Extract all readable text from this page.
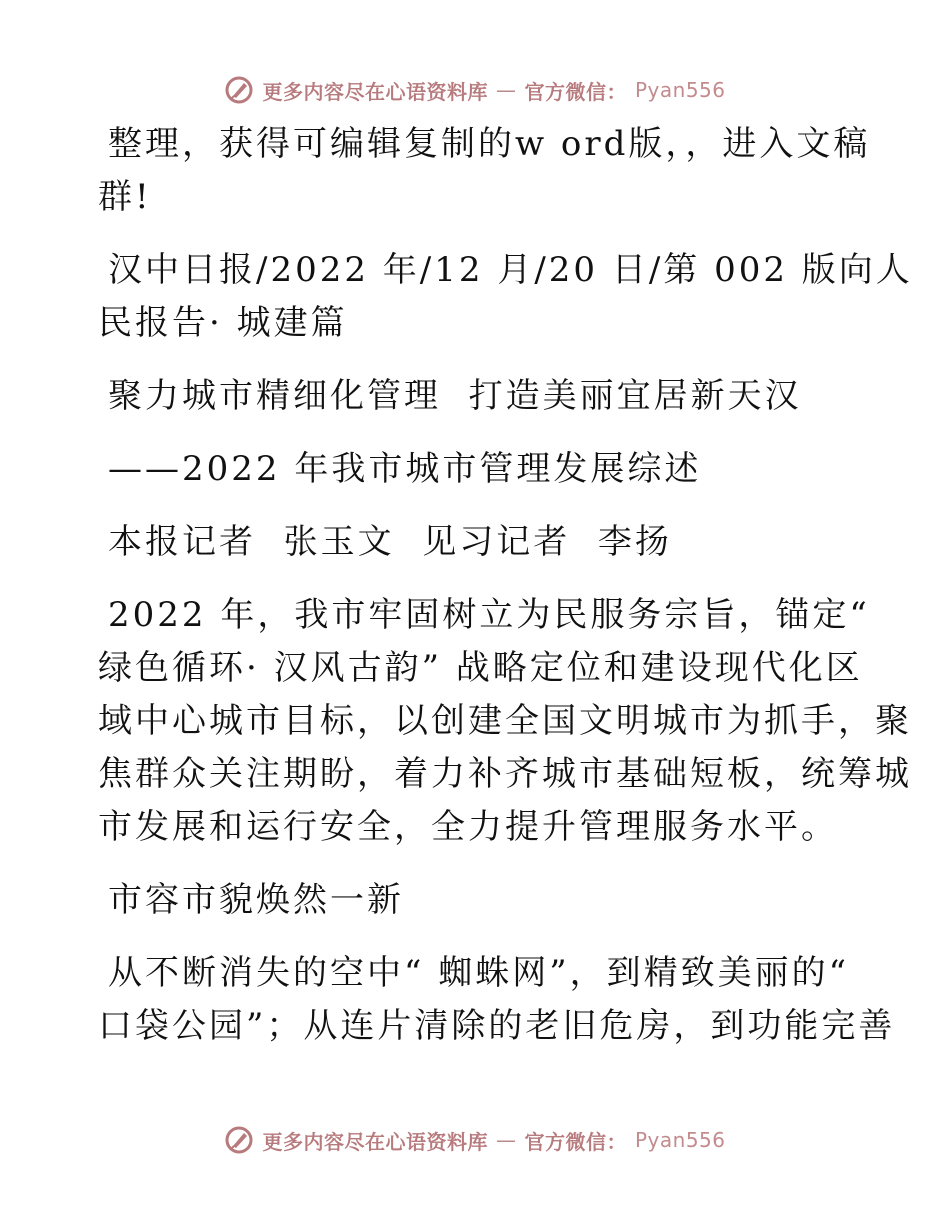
更多内容尽在心语资料库 — 官方微信： Pyan556

整理，获得可编辑复制的w ord版，，进入文稿

群!

汉中日报/2022 年/12 月/20 日/第 002 版向人

民报告· 城建篇

聚力城市精细化管理  打造美丽宜居新天汉

——2022 年我市城市管理发展综述

本报记者  张玉文  见习记者  李扬

2022 年，我市牢固树立为民服务宗旨，锚定“

绿色循环· 汉风古韵” 战略定位和建设现代化区

域中心城市目标，以创建全国文明城市为抓手，聚

焦群众关注期盼，着力补齐城市基础短板，统筹城

市发展和运行安全，全力提升管理服务水平。

市容市貌焕然一新

从不断消失的空中“ 蜘蛛网”，到精致美丽的“

口袋公园”；从连片清除的老旧危房，到功能完善

更多内容尽在心语资料库 — 官方微信： Pyan556
